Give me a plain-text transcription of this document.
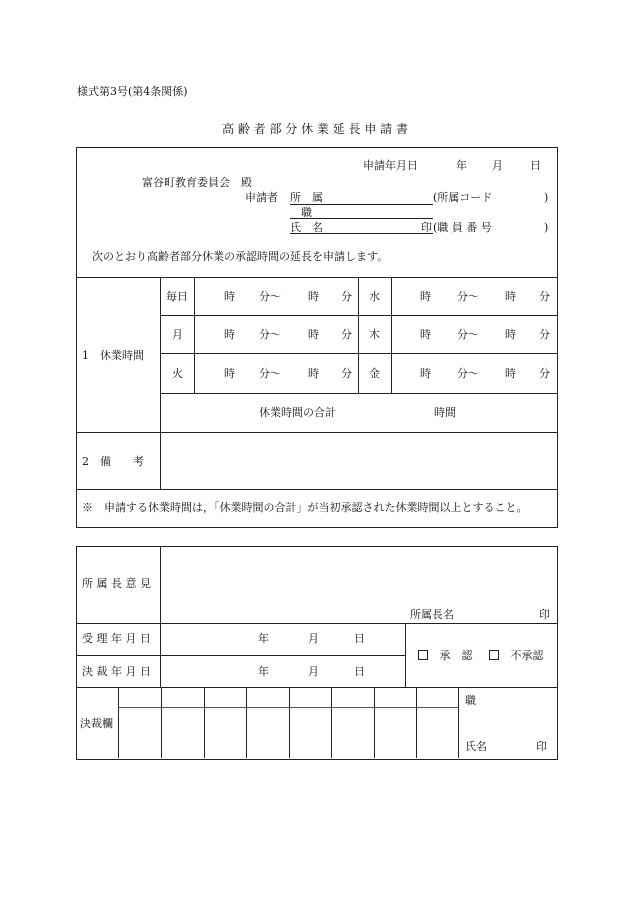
様式第3号(第4条関係)
高 齢 者 部 分 休 業 延 長 申 請 書
申請年月日	年 月 日
富谷町教育委員会　殿
申請者 所　属	(所属コード	)
職
氏　名	印 (職 員 番 号	)
次のとおり高齢者部分休業の承認時間の延長を申請します。
1　休業時間
毎日	時 分～ 時 分 水	時 分～ 時 分
月	時 分～ 時 分 木	時 分～ 時 分
火	時 分～ 時 分 金	時 分～ 時 分
休業時間の合計	時間
2　備　　考
※　申請する休業時間は，「休業時間の合計」が当初承認された休業時間以上とすること。
所 属 長 意 見
所属長名	印
受 理 年 月 日	年	月	日
決 裁 年 月 日	年	月	日
承　認	不承認
決裁欄
職
氏名	印
